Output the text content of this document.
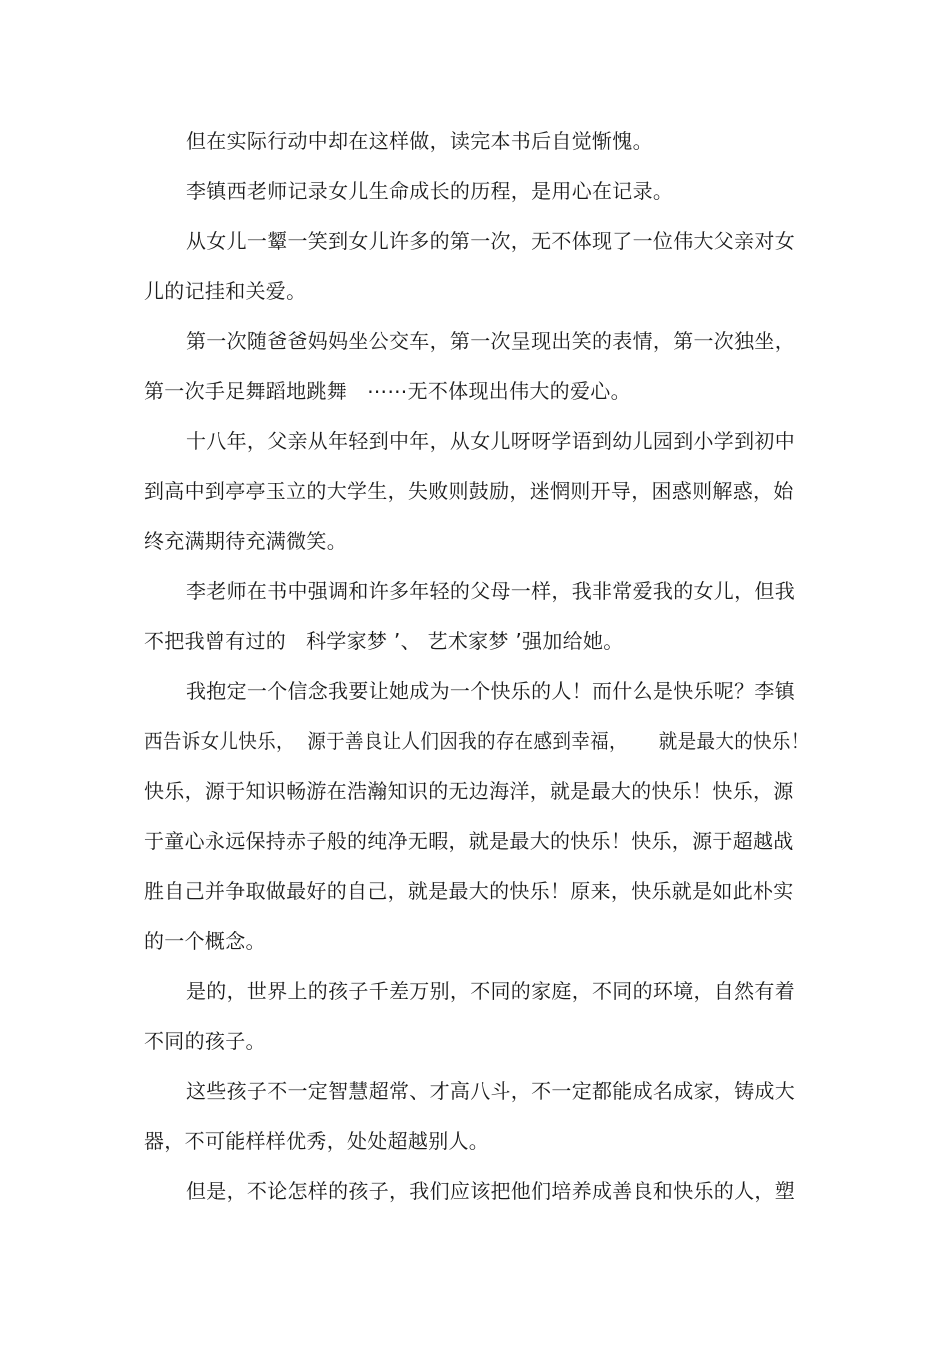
但在实际行动中却在这样做，读完本书后自觉惭愧。
李镇西老师记录女儿生命成长的历程，是用心在记录。
从女儿一颦一笑到女儿许多的第一次，无不体现了一位伟大父亲对女
儿的记挂和关爱。
第一次随爸爸妈妈坐公交车，第一次呈现出笑的表情，第一次独坐，
第一次手足舞蹈地跳舞   ⋯⋯无不体现出伟大的爱心。
十八年，父亲从年轻到中年，从女儿呀呀学语到幼儿园到小学到初中
到高中到亭亭玉立的大学生，失败则鼓励，迷惘则开导，困惑则解惑，始
终充满期待充满微笑。
李老师在书中强调和许多年轻的父母一样，我非常爱我的女儿，但我
不把我曾有过的   科学家梦 ’、 艺术家梦 ’强加给她。
我抱定一个信念我要让她成为一个快乐的人！而什么是快乐呢？李镇
西告诉女儿快乐，  源于善良让人们因我的存在感到幸福，     就是最大的快乐！
快乐，源于知识畅游在浩瀚知识的无边海洋，就是最大的快乐！快乐，源
于童心永远保持赤子般的纯净无暇，就是最大的快乐！快乐，源于超越战
胜自己并争取做最好的自己，就是最大的快乐！原来，快乐就是如此朴实
的一个概念。
是的，世界上的孩子千差万别，不同的家庭，不同的环境，自然有着
不同的孩子。
这些孩子不一定智慧超常、才高八斗，不一定都能成名成家，铸成大
器，不可能样样优秀，处处超越别人。
但是，不论怎样的孩子，我们应该把他们培养成善良和快乐的人，塑
